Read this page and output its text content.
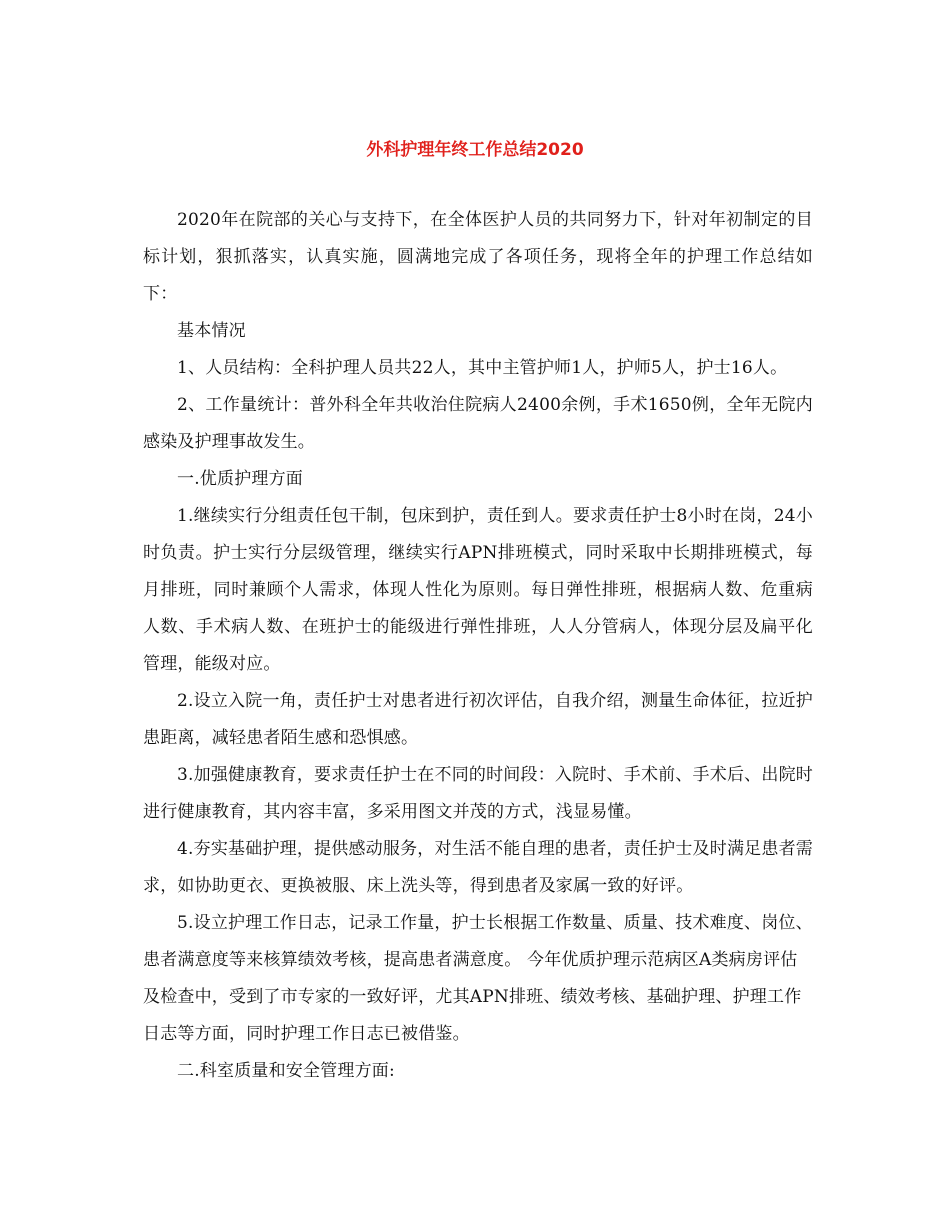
外科护理年终工作总结2020

2020年在院部的关心与支持下，在全体医护人员的共同努力下，针对年初制定的目标计划，狠抓落实，认真实施，圆满地完成了各项任务，现将全年的护理工作总结如下：

基本情况

1、人员结构：全科护理人员共22人，其中主管护师1人，护师5人，护士16人。

2、工作量统计：普外科全年共收治住院病人2400余例，手术1650例，全年无院内感染及护理事故发生。

一.优质护理方面

1.继续实行分组责任包干制，包床到护，责任到人。要求责任护士8小时在岗，24小时负责。护士实行分层级管理，继续实行APN排班模式，同时采取中长期排班模式，每月排班，同时兼顾个人需求，体现人性化为原则。每日弹性排班，根据病人数、危重病人数、手术病人数、在班护士的能级进行弹性排班，人人分管病人，体现分层及扁平化管理，能级对应。

2.设立入院一角，责任护士对患者进行初次评估，自我介绍，测量生命体征，拉近护患距离，减轻患者陌生感和恐惧感。

3.加强健康教育，要求责任护士在不同的时间段：入院时、手术前、手术后、出院时进行健康教育，其内容丰富，多采用图文并茂的方式，浅显易懂。

4.夯实基础护理，提供感动服务，对生活不能自理的患者，责任护士及时满足患者需求，如协助更衣、更换被服、床上洗头等，得到患者及家属一致的好评。

5.设立护理工作日志，记录工作量，护士长根据工作数量、质量、技术难度、岗位、患者满意度等来核算绩效考核，提高患者满意度。 今年优质护理示范病区A类病房评估及检查中，受到了市专家的一致好评，尤其APN排班、绩效考核、基础护理、护理工作日志等方面，同时护理工作日志已被借鉴。

二.科室质量和安全管理方面:
